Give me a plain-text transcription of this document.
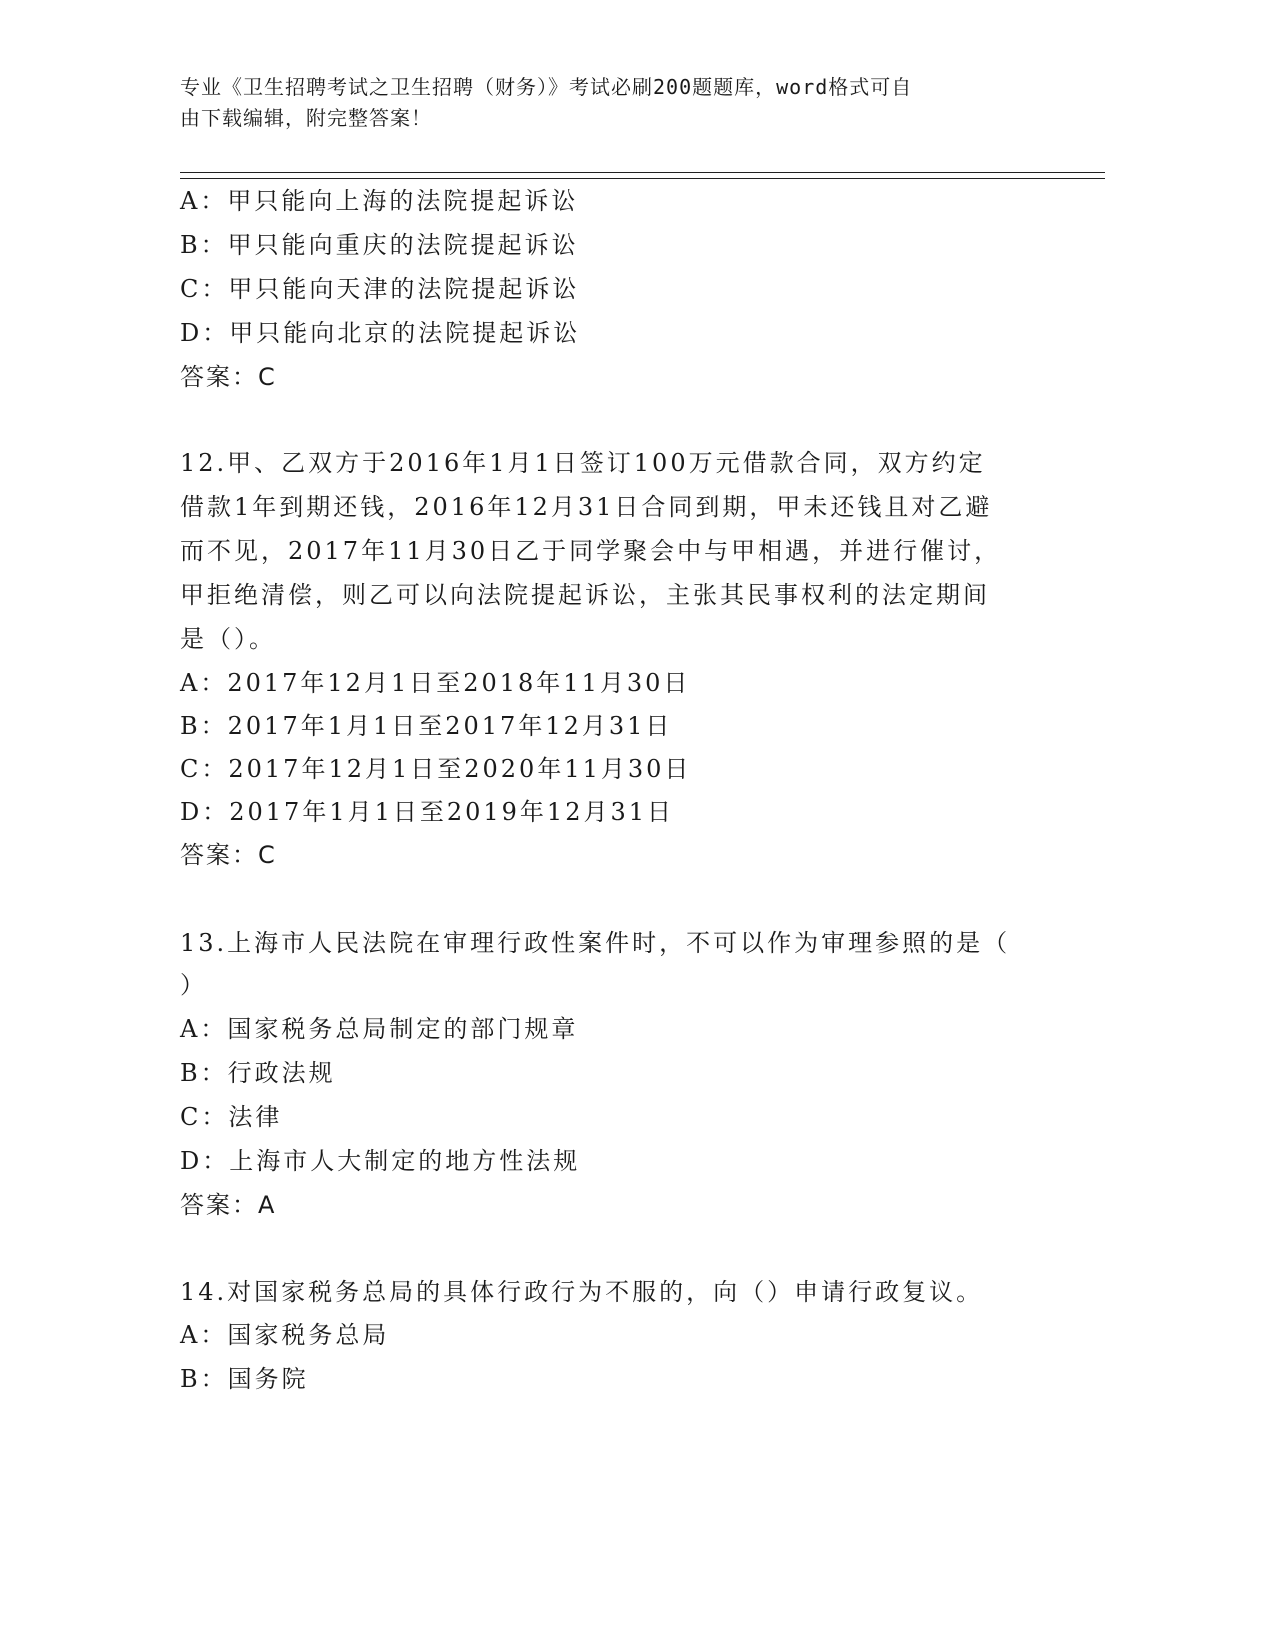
专业《卫生招聘考试之卫生招聘（财务）》考试必刷200题题库，word格式可自
由下载编辑，附完整答案！
A：甲只能向上海的法院提起诉讼
B：甲只能向重庆的法院提起诉讼
C：甲只能向天津的法院提起诉讼
D：甲只能向北京的法院提起诉讼
答案：C
12.甲、乙双方于2016年1月1日签订100万元借款合同，双方约定
借款1年到期还钱，2016年12月31日合同到期，甲未还钱且对乙避
而不见，2017年11月30日乙于同学聚会中与甲相遇，并进行催讨，
甲拒绝清偿，则乙可以向法院提起诉讼，主张其民事权利的法定期间
是（）。
A：2017年12月1日至2018年11月30日
B：2017年1月1日至2017年12月31日
C：2017年12月1日至2020年11月30日
D：2017年1月1日至2019年12月31日
答案：C
13.上海市人民法院在审理行政性案件时，不可以作为审理参照的是（
）
A：国家税务总局制定的部门规章
B：行政法规
C：法律
D：上海市人大制定的地方性法规
答案：A
14.对国家税务总局的具体行政行为不服的，向（）申请行政复议。
A：国家税务总局
B：国务院
